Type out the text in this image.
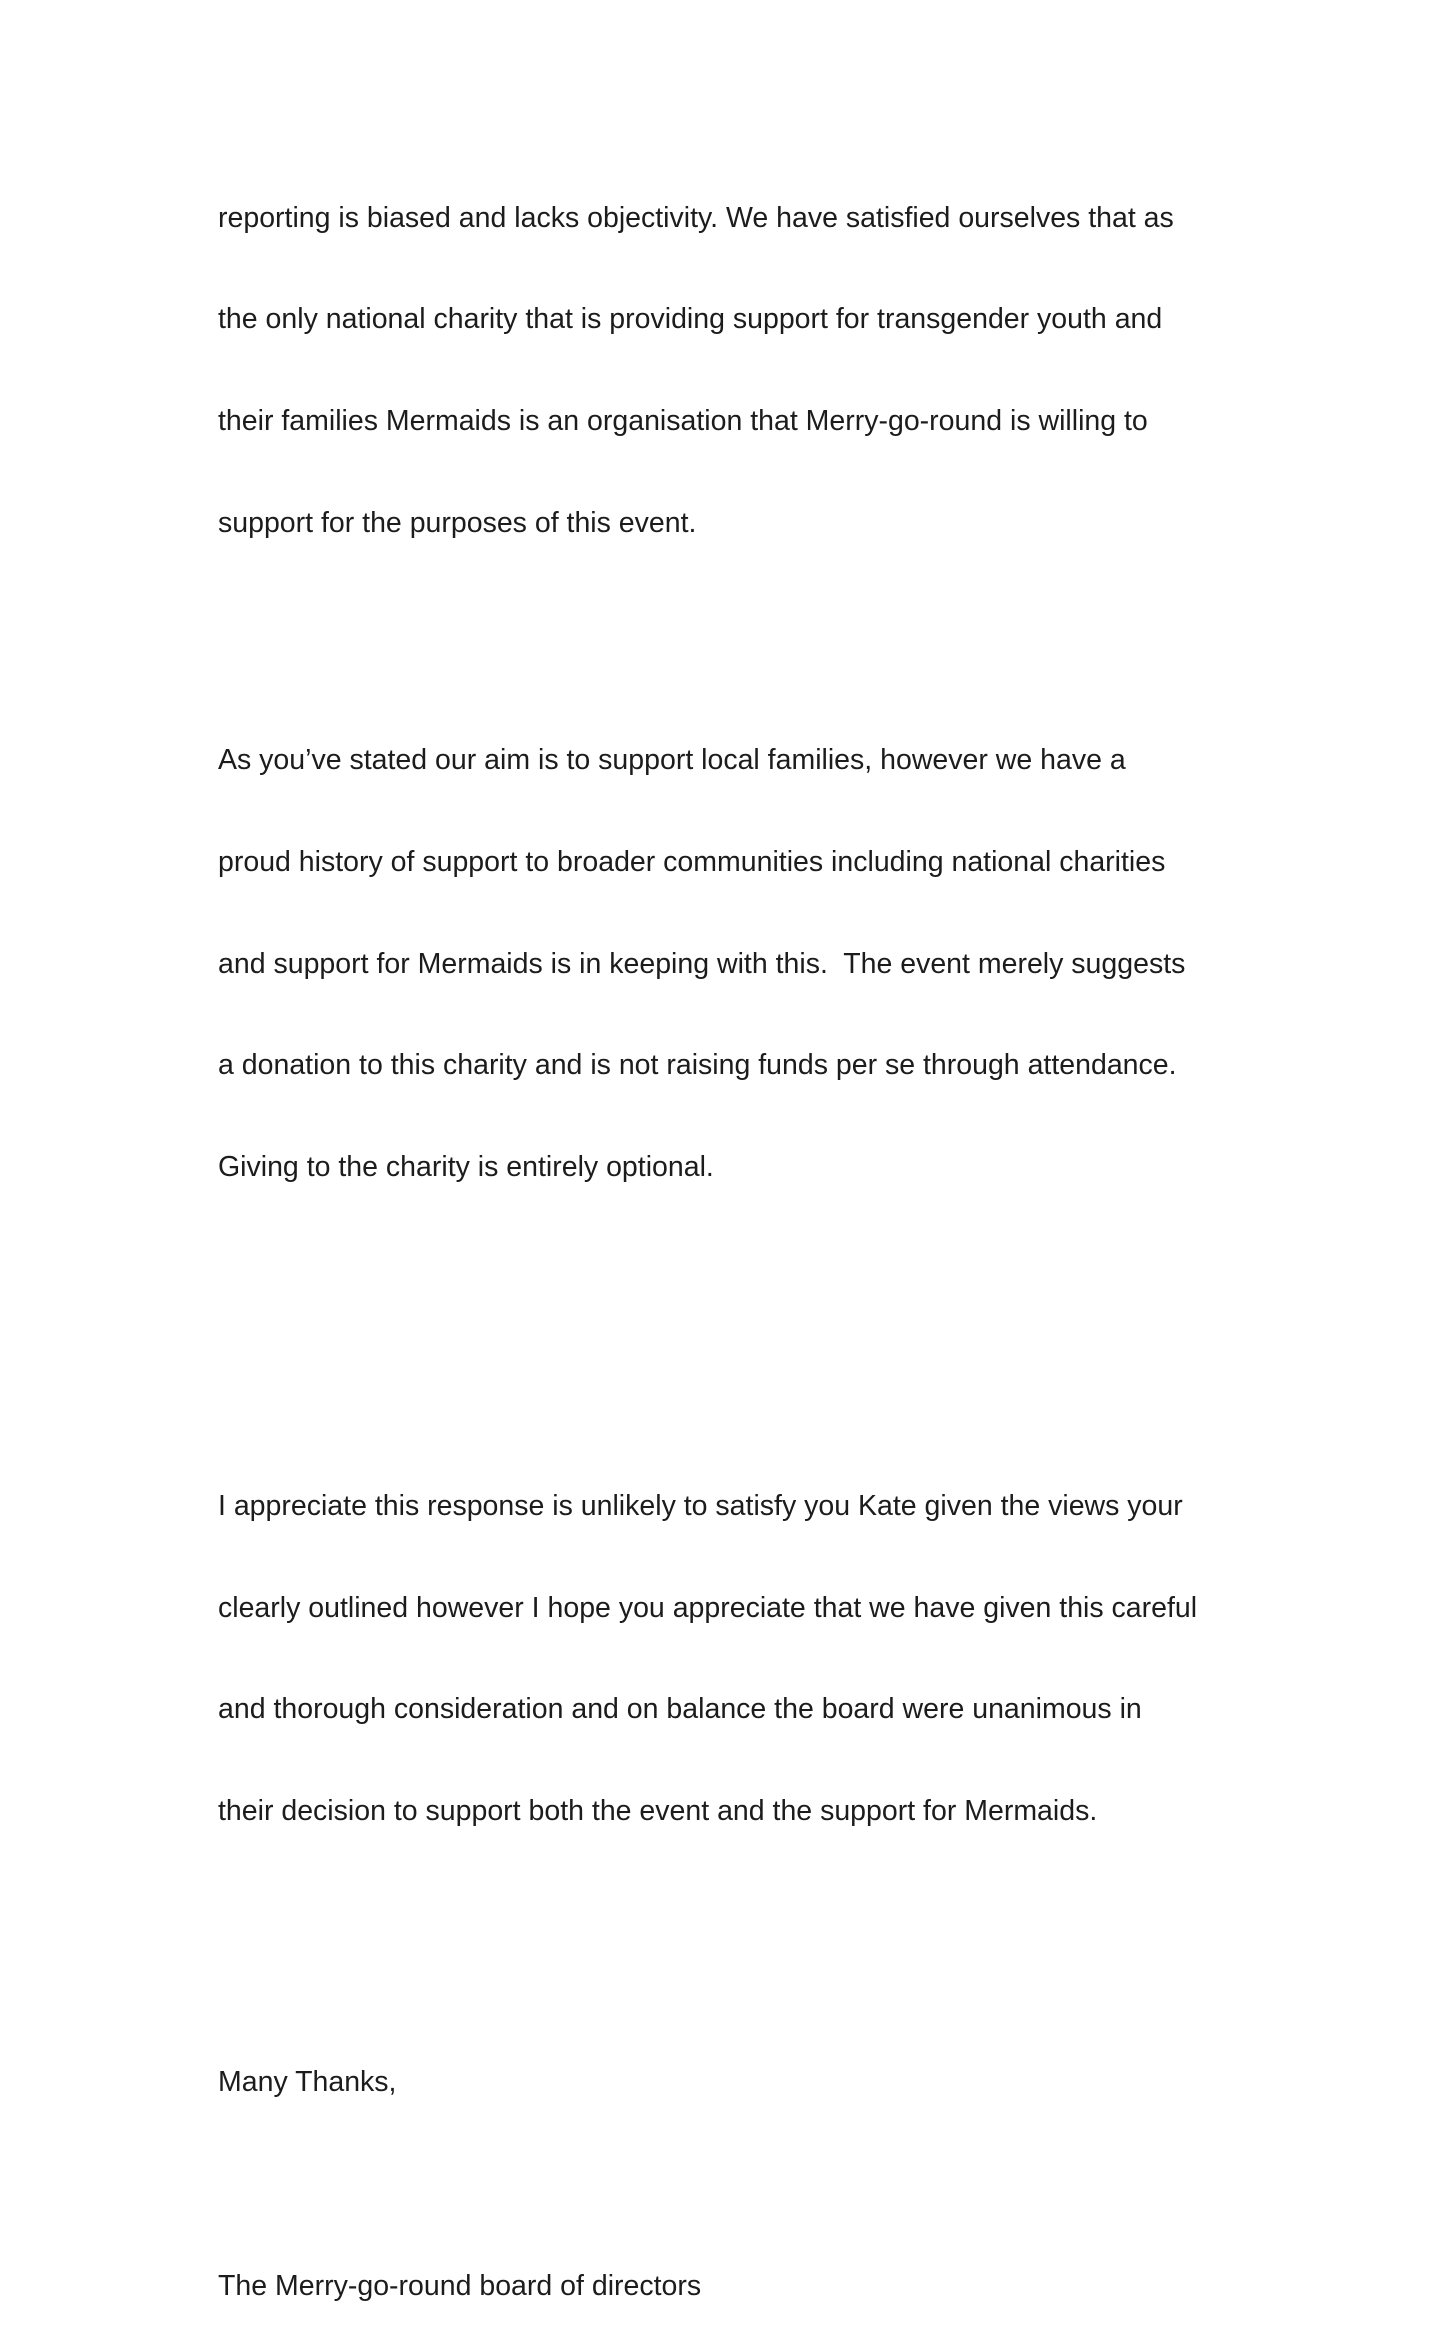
reporting is biased and lacks objectivity. We have satisfied ourselves that as

the only national charity that is providing support for transgender youth and

their families Mermaids is an organisation that Merry-go-round is willing to

support for the purposes of this event.

As you’ve stated our aim is to support local families, however we have a

proud history of support to broader communities including national charities

and support for Mermaids is in keeping with this.  The event merely suggests

a donation to this charity and is not raising funds per se through attendance.

Giving to the charity is entirely optional.

I appreciate this response is unlikely to satisfy you Kate given the views your

clearly outlined however I hope you appreciate that we have given this careful

and thorough consideration and on balance the board were unanimous in

their decision to support both the event and the support for Mermaids.

Many Thanks,

The Merry-go-round board of directors
